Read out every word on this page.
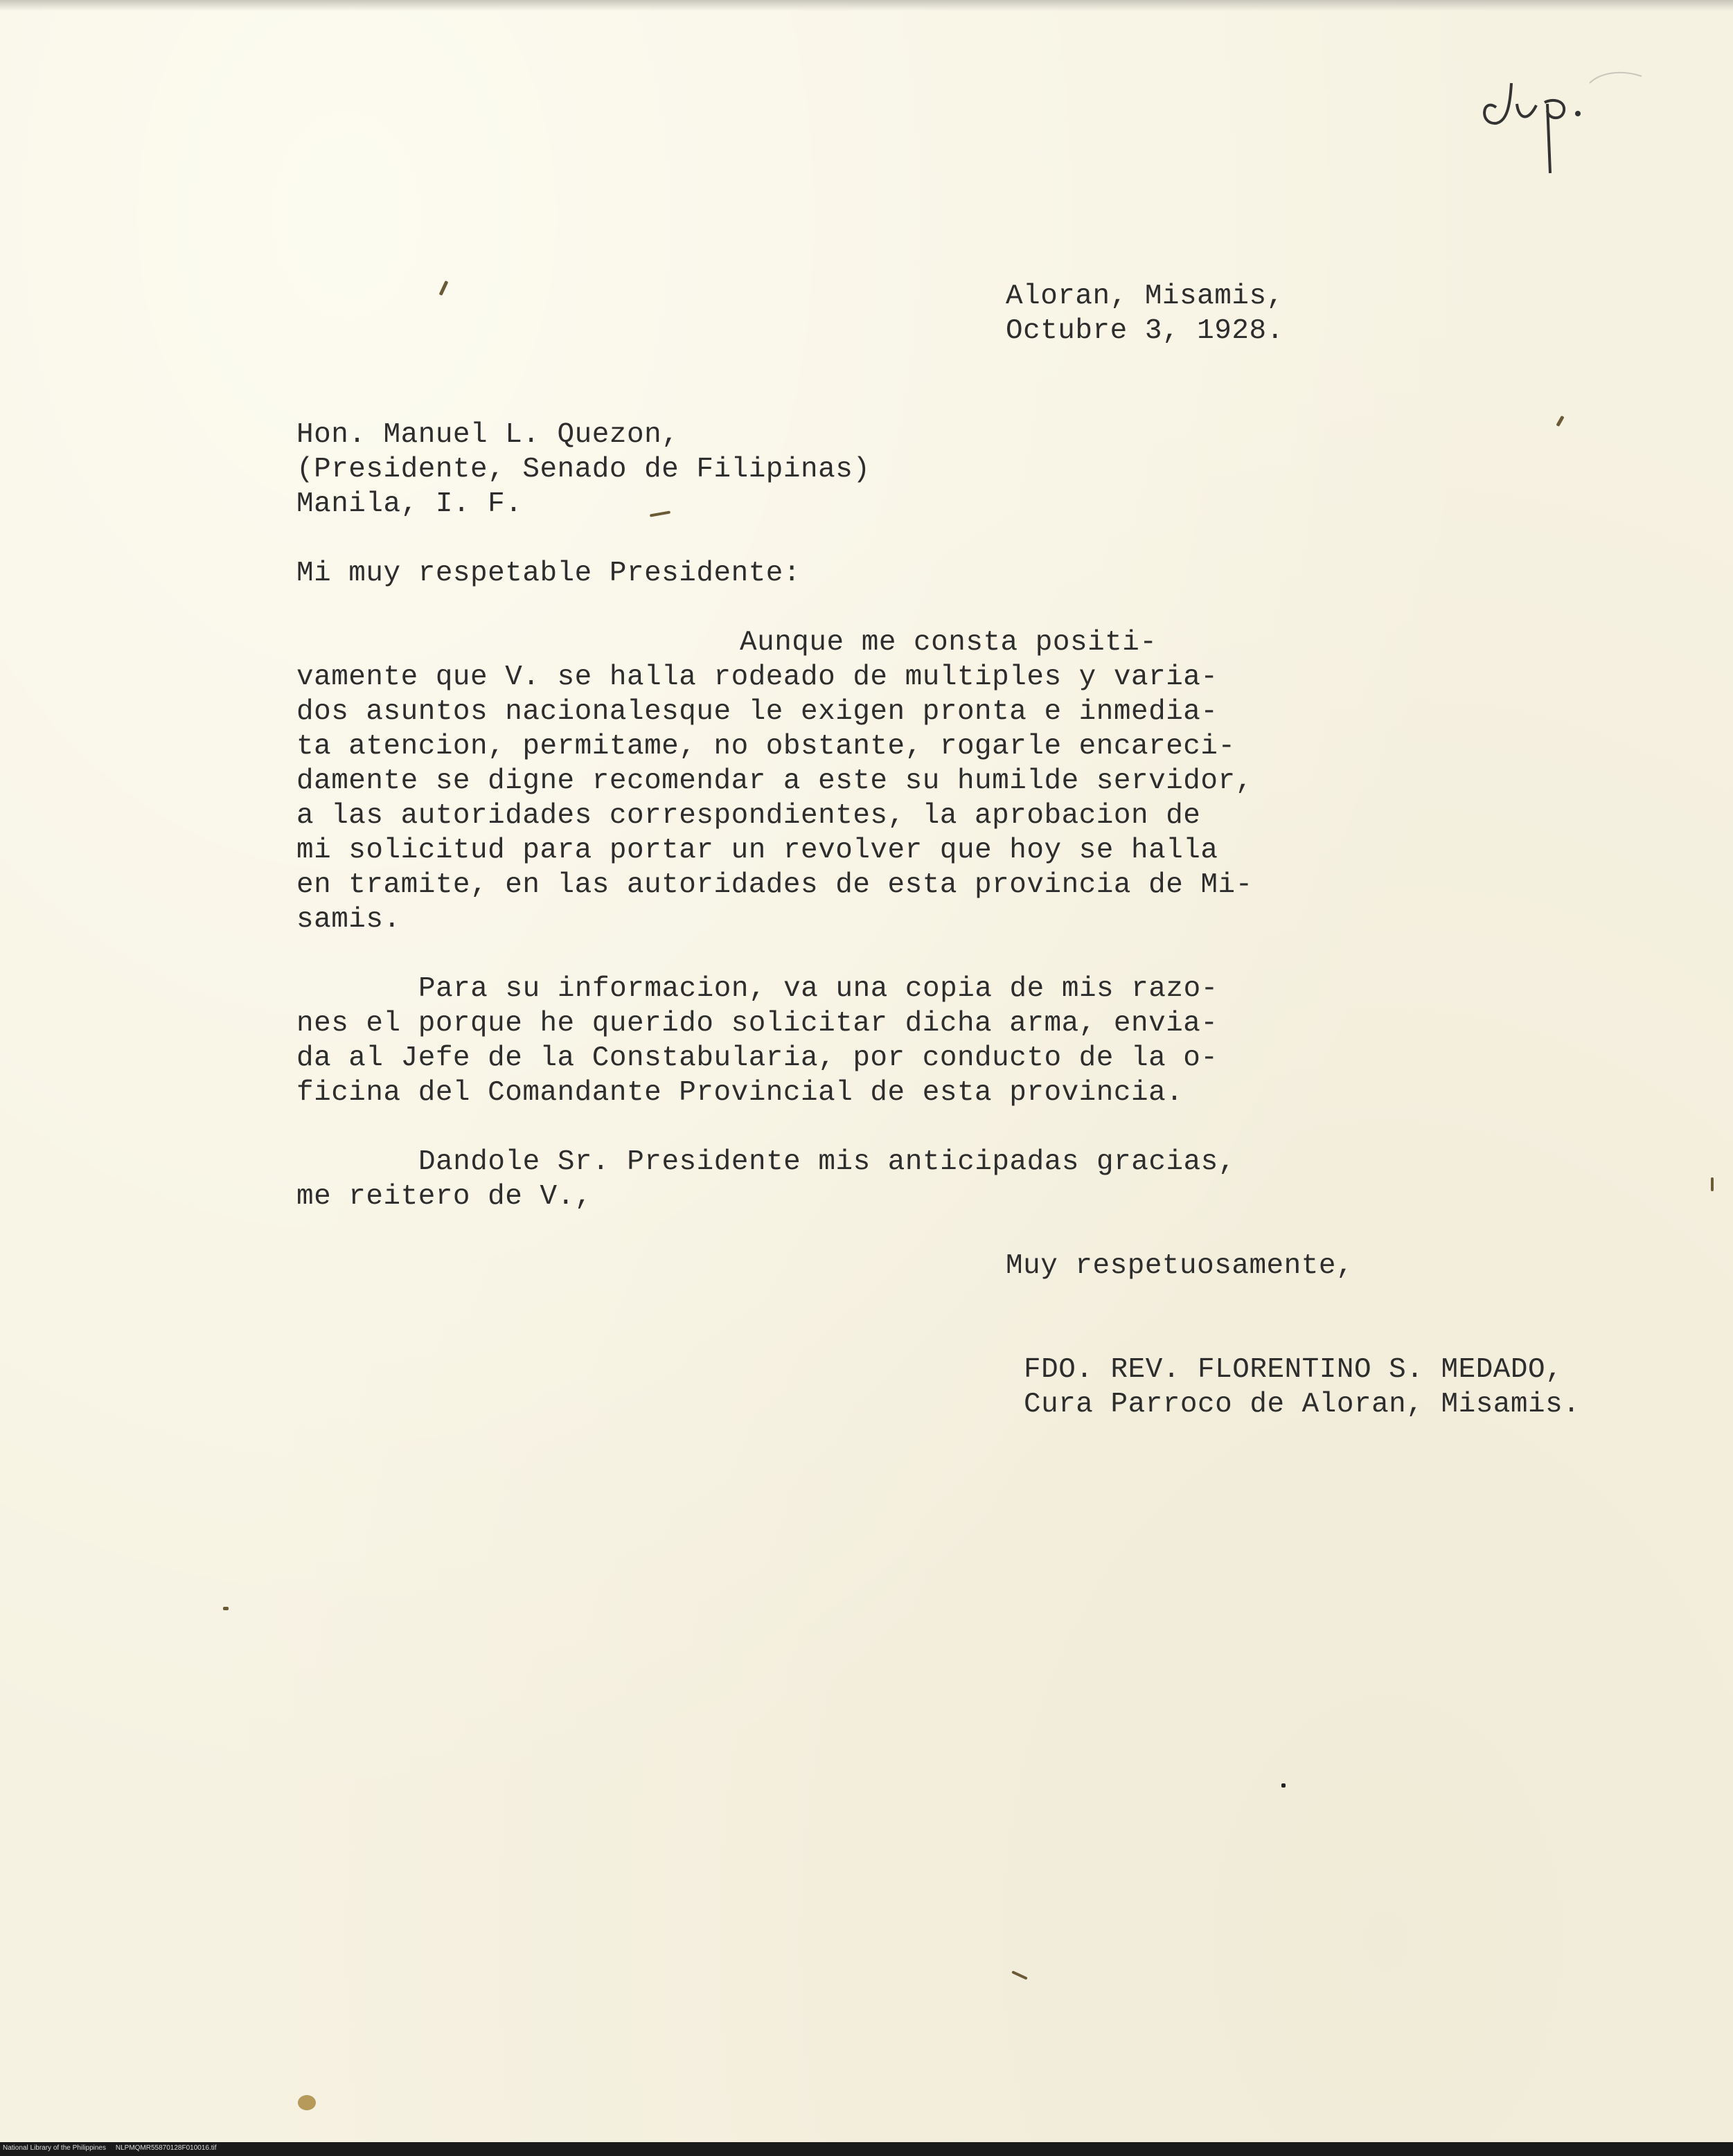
Aloran, Misamis,
Octubre 3, 1928.
Hon. Manuel L. Quezon,
(Presidente, Senado de Filipinas)
Manila, I. F.
Mi muy respetable Presidente:
Aunque me consta positi-
vamente que V. se halla rodeado de multiples y varia-
dos asuntos nacionalesque le exigen pronta e inmedia-
ta atencion, permitame, no obstante, rogarle encareci-
damente se digne recomendar a este su humilde servidor,
a las autoridades correspondientes, la aprobacion de
mi solicitud para portar un revolver que hoy se halla
en tramite, en las autoridades de esta provincia de Mi-
samis.
Para su informacion, va una copia de mis razo-
nes el porque he querido solicitar dicha arma, envia-
da al Jefe de la Constabularia, por conducto de la o-
ficina del Comandante Provincial de esta provincia.
Dandole Sr. Presidente mis anticipadas gracias,
me reitero de V.,
Muy respetuosamente,
FDO. REV. FLORENTINO S. MEDADO,
Cura Parroco de Aloran, Misamis.
National Library of the Philippines     NLPMQMR55870128F010016.tif
